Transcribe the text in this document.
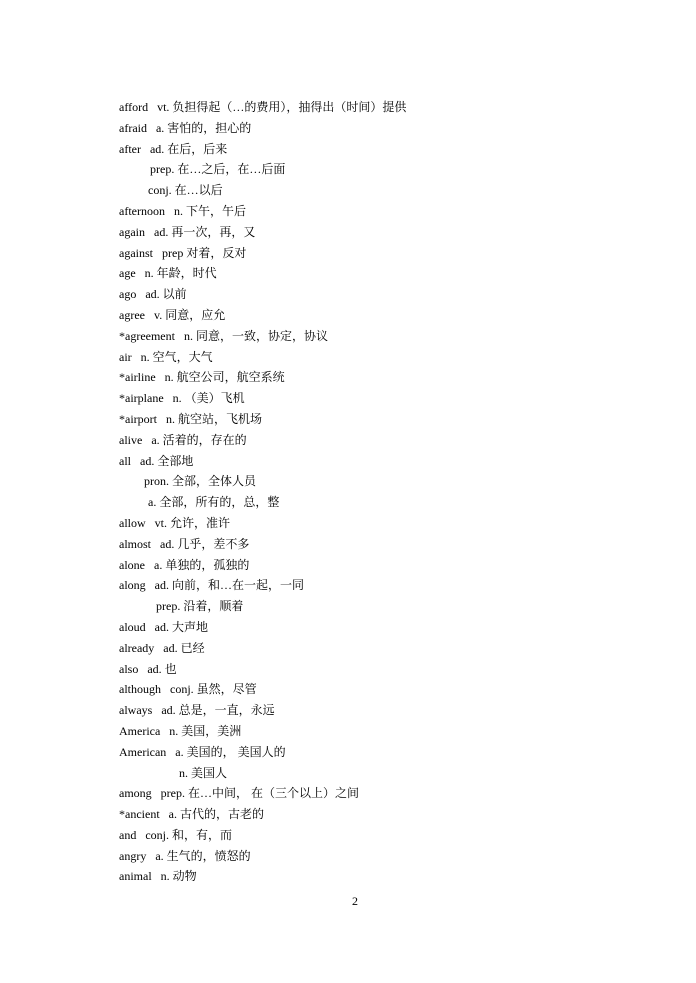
afford   vt. 负担得起（…的费用），抽得出（时间）提供
afraid   a. 害怕的，担心的
after   ad. 在后，后来
prep. 在…之后，在…后面
conj. 在…以后
afternoon   n. 下午，午后
again   ad. 再一次，再，又
against   prep 对着，反对
age   n. 年龄，时代
ago   ad. 以前
agree   v. 同意，应允
*agreement   n. 同意，一致，协定，协议
air   n. 空气，大气
*airline   n. 航空公司，航空系统
*airplane   n. （美）飞机
*airport   n. 航空站，飞机场
alive   a. 活着的，存在的
all   ad. 全部地
pron. 全部，全体人员
a. 全部，所有的，总，整
allow   vt. 允许，准许
almost   ad. 几乎，差不多
alone   a. 单独的，孤独的
along   ad. 向前，和…在一起，一同
prep. 沿着，顺着
aloud   ad. 大声地
already   ad. 已经
also   ad. 也
although   conj. 虽然，尽管
always   ad. 总是，一直，永远
America   n. 美国，美洲
American   a. 美国的， 美国人的
n. 美国人
among   prep. 在…中间， 在（三个以上）之间
*ancient   a. 古代的，古老的
and   conj. 和，有，而
angry   a. 生气的，愤怒的
animal   n. 动物
2
